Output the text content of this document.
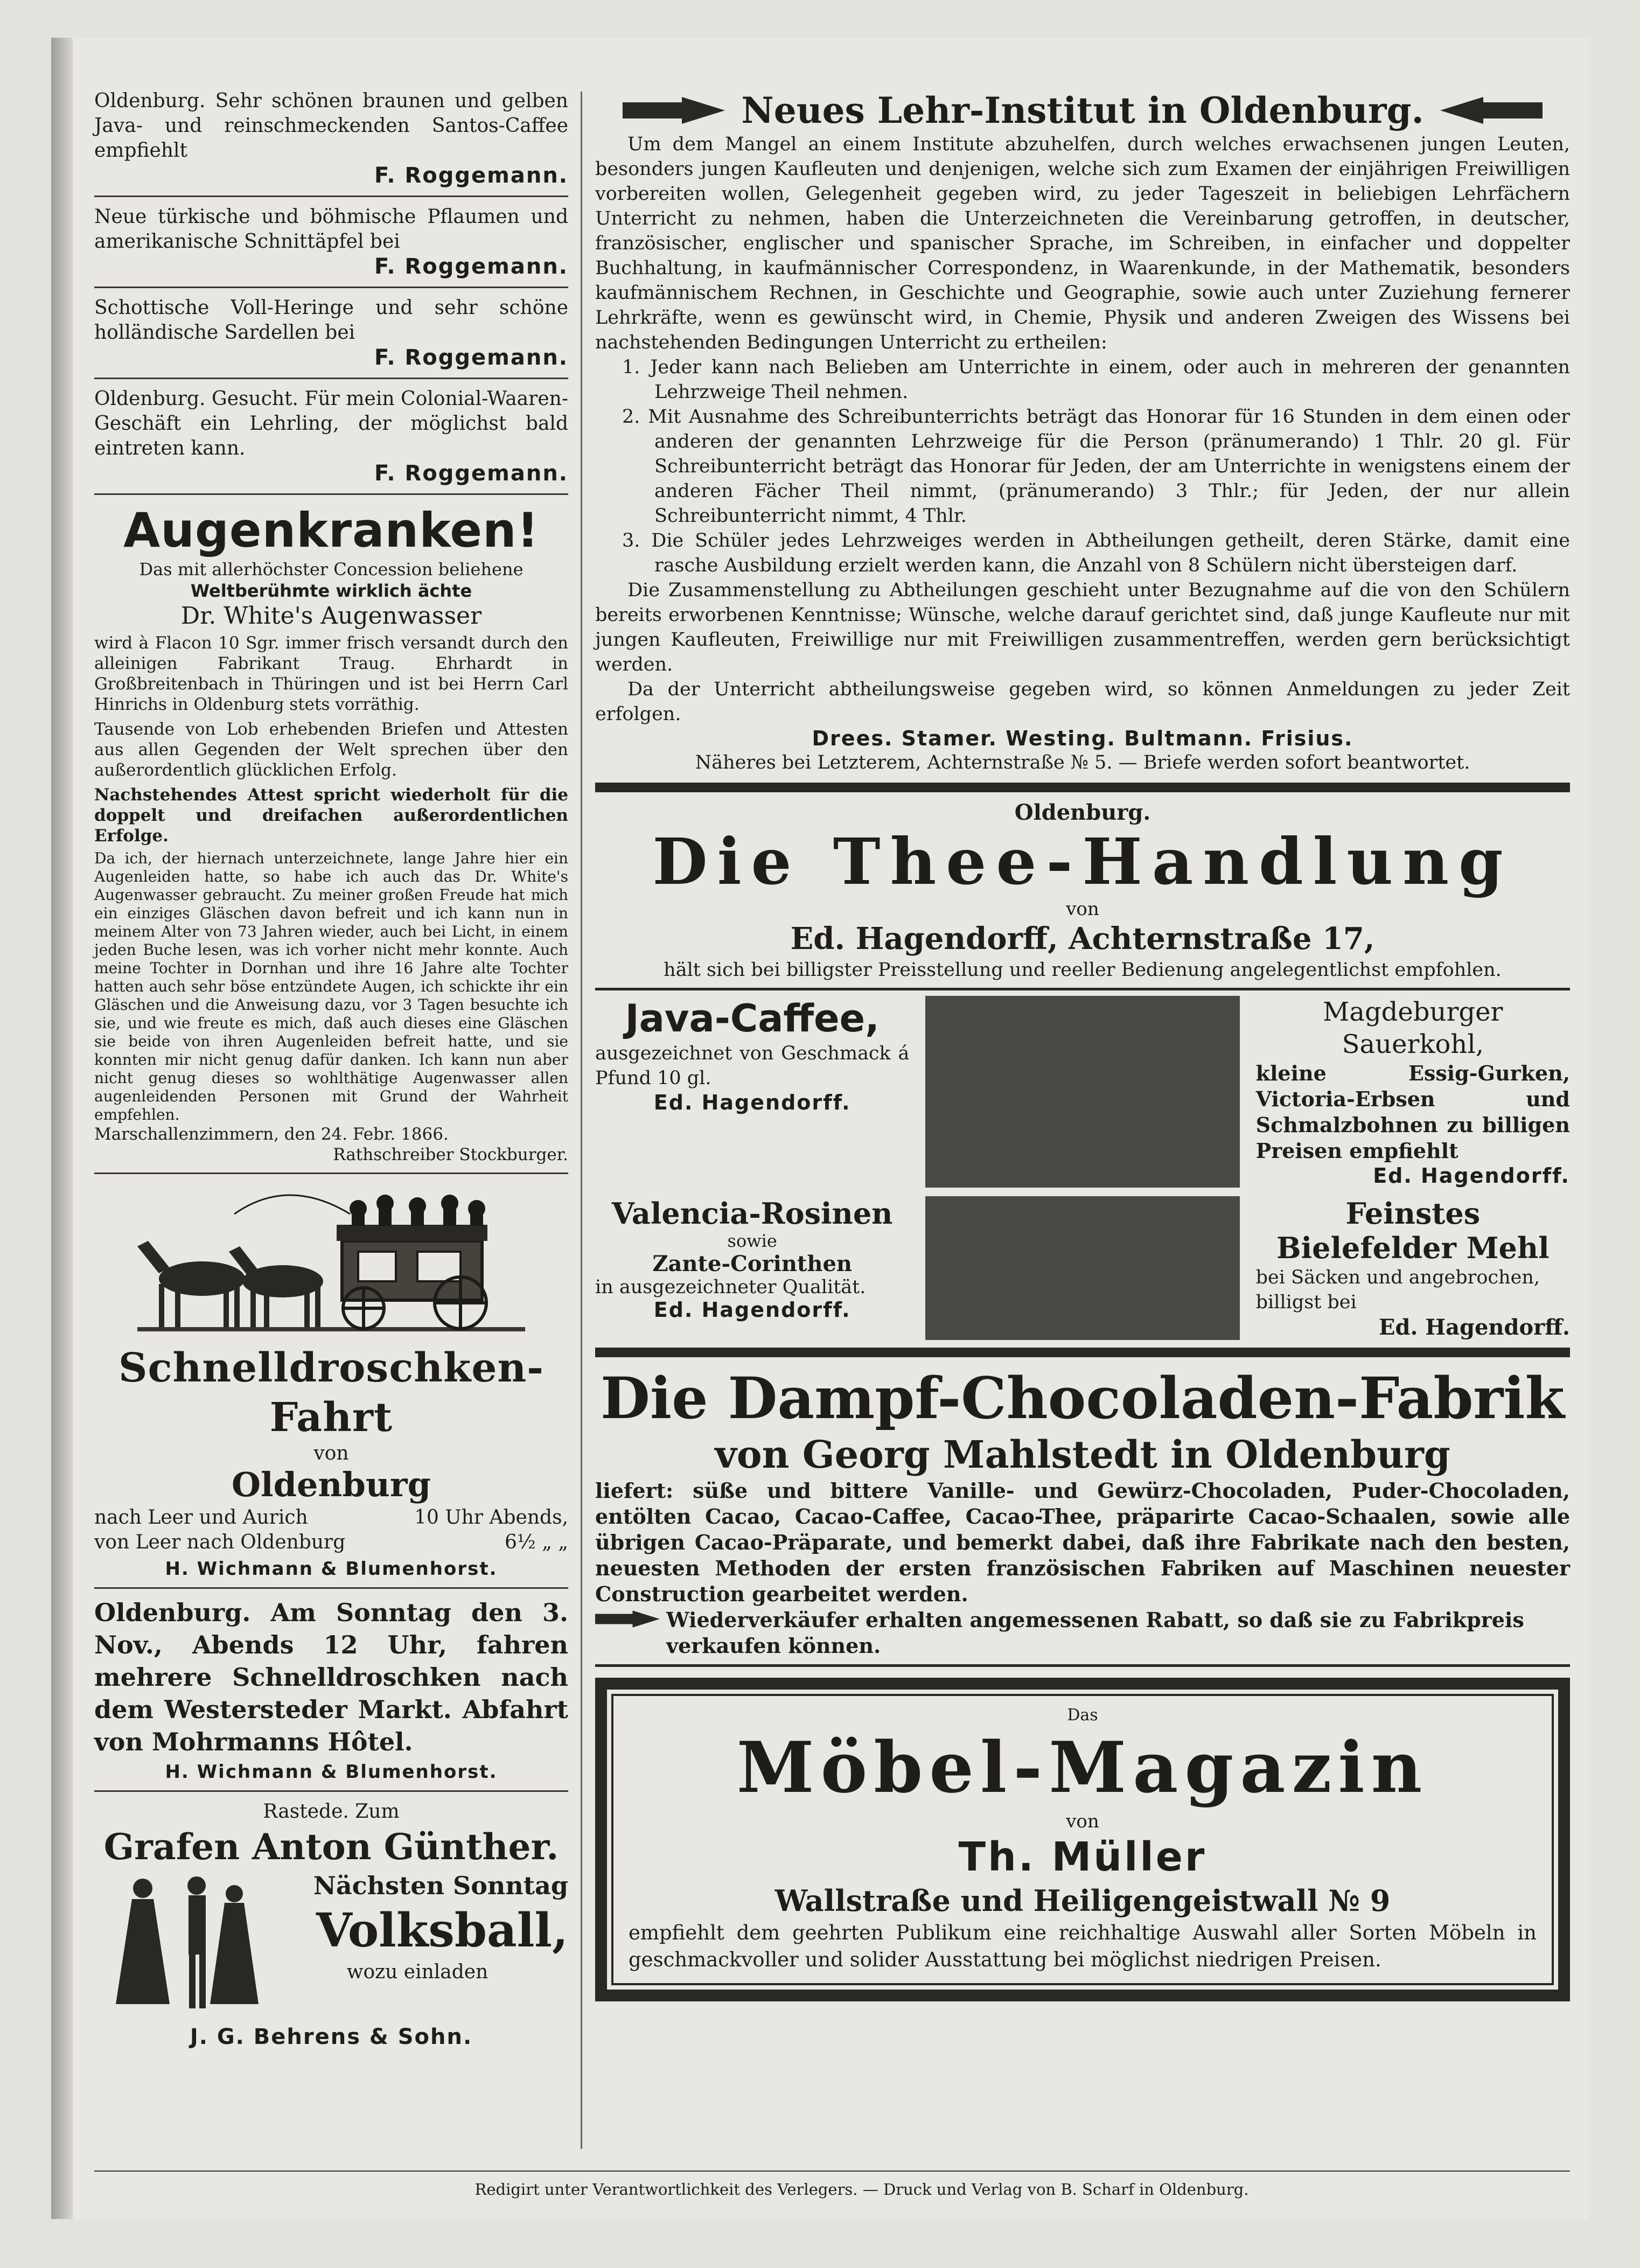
Oldenburg. Sehr schönen braunen und gelben Java- und reinschmeckenden Santos-Caffee empfiehlt

F. Roggemann.

Neue türkische und böhmische Pflaumen und amerikanische Schnittäpfel bei

F. Roggemann.

Schottische Voll-Heringe und sehr schöne holländische Sardellen bei

F. Roggemann.

Oldenburg. Gesucht. Für mein Colonial-Waaren-Geschäft ein Lehrling, der möglichst bald eintreten kann.

F. Roggemann.

Augenkranken!

Das mit allerhöchster Concession beliehene

Weltberühmte wirklich ächte

Dr. White's Augenwasser

wird à Flacon 10 Sgr. immer frisch versandt durch den alleinigen Fabrikant Traug. Ehrhardt in Großbreitenbach in Thüringen und ist bei Herrn Carl Hinrichs in Oldenburg stets vorräthig.

Tausende von Lob erhebenden Briefen und Attesten aus allen Gegenden der Welt sprechen über den außerordentlich glücklichen Erfolg.

Nachstehendes Attest spricht wiederholt für die doppelt und dreifachen außerordentlichen Erfolge.

Da ich, der hiernach unterzeichnete, lange Jahre hier ein Augenleiden hatte, so habe ich auch das Dr. White's Augenwasser gebraucht. Zu meiner großen Freude hat mich ein einziges Gläschen davon befreit und ich kann nun in meinem Alter von 73 Jahren wieder, auch bei Licht, in einem jeden Buche lesen, was ich vorher nicht mehr konnte. Auch meine Tochter in Dornhan und ihre 16 Jahre alte Tochter hatten auch sehr böse entzündete Augen, ich schickte ihr ein Gläschen und die Anweisung dazu, vor 3 Tagen besuchte ich sie, und wie freute es mich, daß auch dieses eine Gläschen sie beide von ihren Augenleiden befreit hatte, und sie konnten mir nicht genug dafür danken. Ich kann nun aber nicht genug dieses so wohlthätige Augenwasser allen augenleidenden Personen mit Grund der Wahrheit empfehlen.

Marschallenzimmern, den 24. Febr. 1866.

Rathschreiber Stockburger.

Schnelldroschken-Fahrt

von

Oldenburg

nach Leer und Aurich	10 Uhr Abends,
von Leer nach Oldenburg	6½ „ „

H. Wichmann & Blumenhorst.

Oldenburg. Am Sonntag den 3. Nov., Abends 12 Uhr, fahren mehrere Schnelldroschken nach dem Westersteder Markt. Abfahrt von Mohrmanns Hôtel.

H. Wichmann & Blumenhorst.

Rastede. Zum

Grafen Anton Günther.

Nächsten Sonntag

Volksball,

wozu einladen

J. G. Behrens & Sohn.

Neues Lehr-Institut in Oldenburg.

Um dem Mangel an einem Institute abzuhelfen, durch welches erwachsenen jungen Leuten, besonders jungen Kaufleuten und denjenigen, welche sich zum Examen der einjährigen Freiwilligen vorbereiten wollen, Gelegenheit gegeben wird, zu jeder Tageszeit in beliebigen Lehrfächern Unterricht zu nehmen, haben die Unterzeichneten die Vereinbarung getroffen, in deutscher, französischer, englischer und spanischer Sprache, im Schreiben, in einfacher und doppelter Buchhaltung, in kaufmännischer Correspondenz, in Waarenkunde, in der Mathematik, besonders kaufmännischem Rechnen, in Geschichte und Geographie, sowie auch unter Zuziehung fernerer Lehrkräfte, wenn es gewünscht wird, in Chemie, Physik und anderen Zweigen des Wissens bei nachstehenden Bedingungen Unterricht zu ertheilen:

1. Jeder kann nach Belieben am Unterrichte in einem, oder auch in mehreren der genannten Lehrzweige Theil nehmen.

2. Mit Ausnahme des Schreibunterrichts beträgt das Honorar für 16 Stunden in dem einen oder anderen der genannten Lehrzweige für die Person (pränumerando) 1 Thlr. 20 gl. Für Schreibunterricht beträgt das Honorar für Jeden, der am Unterrichte in wenigstens einem der anderen Fächer Theil nimmt, (pränumerando) 3 Thlr.; für Jeden, der nur allein Schreibunterricht nimmt, 4 Thlr.

3. Die Schüler jedes Lehrzweiges werden in Abtheilungen getheilt, deren Stärke, damit eine rasche Ausbildung erzielt werden kann, die Anzahl von 8 Schülern nicht übersteigen darf.

Die Zusammenstellung zu Abtheilungen geschieht unter Bezugnahme auf die von den Schülern bereits erworbenen Kenntnisse; Wünsche, welche darauf gerichtet sind, daß junge Kaufleute nur mit jungen Kaufleuten, Freiwillige nur mit Freiwilligen zusammentreffen, werden gern berücksichtigt werden.

Da der Unterricht abtheilungsweise gegeben wird, so können Anmeldungen zu jeder Zeit erfolgen.

Drees. Stamer. Westing. Bultmann. Frisius.

Näheres bei Letzterem, Achternstraße № 5. — Briefe werden sofort beantwortet.

Oldenburg.

Die Thee-Handlung

von

Ed. Hagendorff, Achternstraße 17,

hält sich bei billigster Preisstellung und reeller Bedienung angelegentlichst empfohlen.

Java-Caffee,

ausgezeichnet von Geschmack á Pfund 10 gl.

Ed. Hagendorff.

Magdeburger Sauerkohl,

kleine Essig-Gurken, Victoria-Erbsen und Schmalzbohnen zu billigen Preisen empfiehlt

Ed. Hagendorff.

Valencia-Rosinen

sowie

Zante-Corinthen

in ausgezeichneter Qualität.

Ed. Hagendorff.

Feinstes Bielefelder Mehl

bei Säcken und angebrochen, billigst bei

Ed. Hagendorff.

Die Dampf-Chocoladen-Fabrik

von Georg Mahlstedt in Oldenburg

liefert: süße und bittere Vanille- und Gewürz-Chocoladen, Puder-Chocoladen, entölten Cacao, Cacao-Caffee, Cacao-Thee, präparirte Cacao-Schaalen, sowie alle übrigen Cacao-Präparate, und bemerkt dabei, daß ihre Fabrikate nach den besten, neuesten Methoden der ersten französischen Fabriken auf Maschinen neuester Construction gearbeitet werden.

Wiederverkäufer erhalten angemessenen Rabatt, so daß sie zu Fabrikpreis verkaufen können.

Das

Möbel-Magazin

von

Th. Müller

Wallstraße und Heiligengeistwall № 9

empfiehlt dem geehrten Publikum eine reichhaltige Auswahl aller Sorten Möbeln in geschmackvoller und solider Ausstattung bei möglichst niedrigen Preisen.

Redigirt unter Verantwortlichkeit des Verlegers. — Druck und Verlag von B. Scharf in Oldenburg.
